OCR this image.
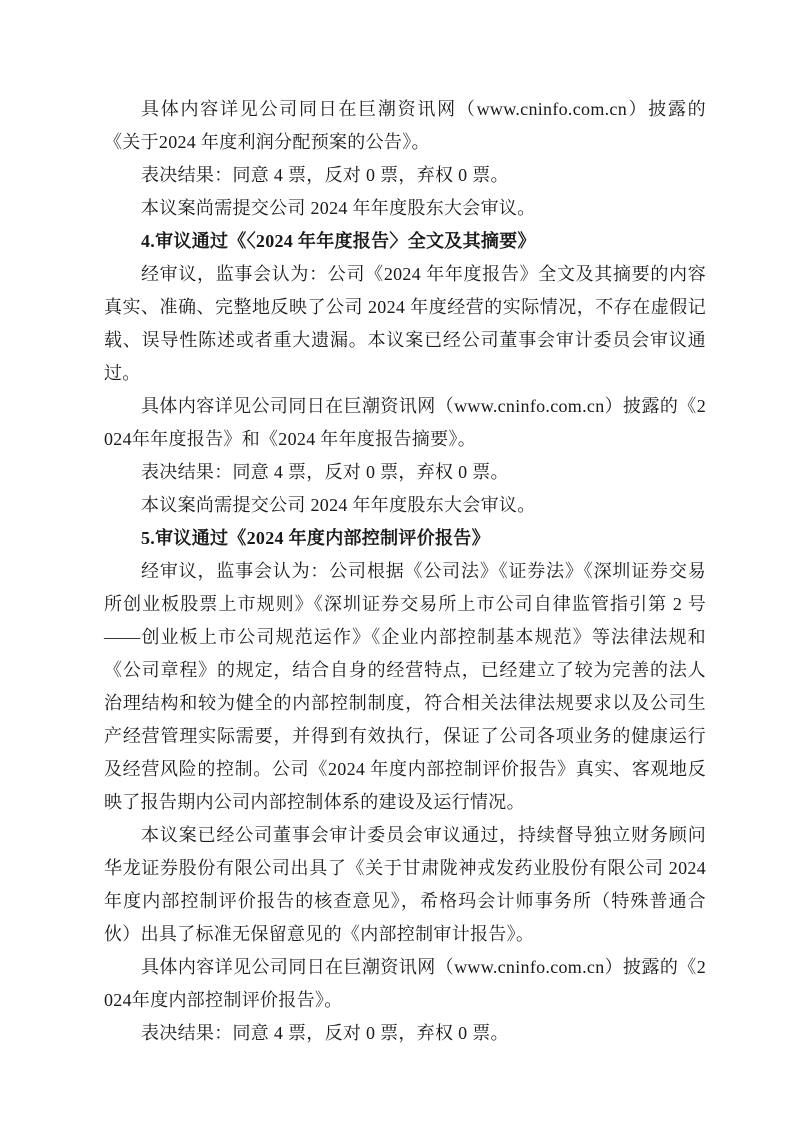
具体内容详见公司同日在巨潮资讯网（www.cninfo.com.cn）披露的《关于2024 年度利润分配预案的公告》。

表决结果：同意 4 票，反对 0 票，弃权 0 票。

本议案尚需提交公司 2024 年年度股东大会审议。

4.审议通过《〈2024 年年度报告〉全文及其摘要》

经审议，监事会认为：公司《2024 年年度报告》全文及其摘要的内容真实、准确、完整地反映了公司 2024 年度经营的实际情况，不存在虚假记载、误导性陈述或者重大遗漏。本议案已经公司董事会审计委员会审议通过。

具体内容详见公司同日在巨潮资讯网（www.cninfo.com.cn）披露的《2024年年度报告》和《2024 年年度报告摘要》。

表决结果：同意 4 票，反对 0 票，弃权 0 票。

本议案尚需提交公司 2024 年年度股东大会审议。

5.审议通过《2024 年度内部控制评价报告》

经审议，监事会认为：公司根据《公司法》《证券法》《深圳证券交易所创业板股票上市规则》《深圳证券交易所上市公司自律监管指引第 2 号——创业板上市公司规范运作》《企业内部控制基本规范》等法律法规和《公司章程》的规定，结合自身的经营特点，已经建立了较为完善的法人治理结构和较为健全的内部控制制度，符合相关法律法规要求以及公司生产经营管理实际需要，并得到有效执行，保证了公司各项业务的健康运行及经营风险的控制。公司《2024 年度内部控制评价报告》真实、客观地反映了报告期内公司内部控制体系的建设及运行情况。

本议案已经公司董事会审计委员会审议通过，持续督导独立财务顾问华龙证券股份有限公司出具了《关于甘肃陇神戎发药业股份有限公司 2024 年度内部控制评价报告的核查意见》，希格玛会计师事务所（特殊普通合伙）出具了标准无保留意见的《内部控制审计报告》。

具体内容详见公司同日在巨潮资讯网（www.cninfo.com.cn）披露的《2024年度内部控制评价报告》。

表决结果：同意 4 票，反对 0 票，弃权 0 票。
